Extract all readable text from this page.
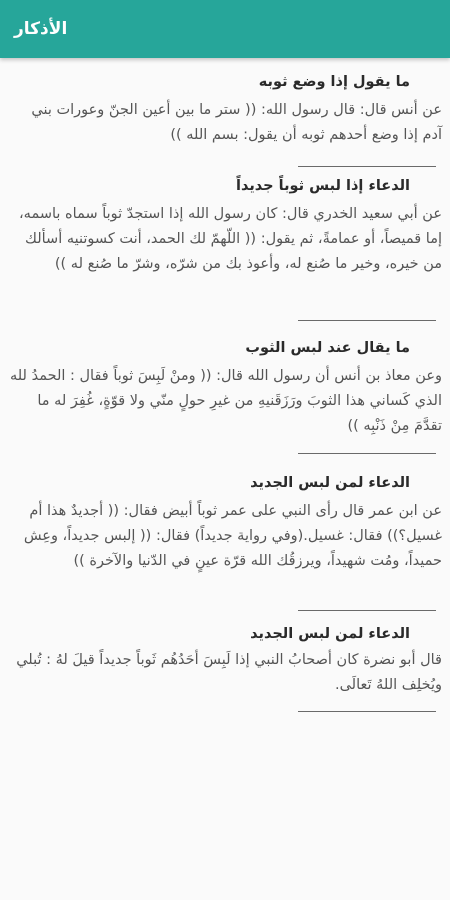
الأذكار
ما يقول إذا وضع ثوبه
عن أنس قال: قال رسول الله: (( ستر ما بين أعين الجنّ وعورات بني آدم إذا وضع أحدهم ثوبه أن يقول: بسم الله ))
الدعاء إذا لبس ثوباً جديداً
عن أبي سعيد الخدري قال: كان رسول الله إذا استجدّ ثوباً سماه باسمه، إما قميصاً، أو عمامةً، ثم يقول: (( اللّهمّ لك الحمد، أنت كسوتنيه أسألك من خيره، وخير ما صُنع له، وأعوذ بك من شرّه، وشرّ ما صُنع له ))
ما يقال عند لبس الثوب
وعن معاذ بن أنس أن رسول الله قال: (( ومنْ لَبِسَ ثوباً فقال : الحمدُ لله الذي كَساني هذا الثوبَ ورَزَقَنيهِ من غيرِ حولٍ منّي ولا قوّةٍ، غُفِرَ له ما تقدَّمَ مِنْ ذَنْبِه ))
الدعاء لمن لبس الجديد
عن ابن عمر قال رأى النبي على عمر ثوباً أبيض فقال: (( أجديدٌ هذا أم غسيل؟)) فقال: غسيل.(وفي رواية جديداً) فقال: (( إلبس جديداً، وعِش حميداً، ومُت شهيداً، ويرزقُك الله قرّة عينٍ في الدّنيا والآخرة ))
الدعاء لمن لبس الجديد
قال أبو نضرة كان أصحابُ النبي إذا لَبِسَ أحَدُهُم ثَوباً جديداً قيلَ لهُ : تُبلي ويُخلِف اللهُ تَعالَى.
